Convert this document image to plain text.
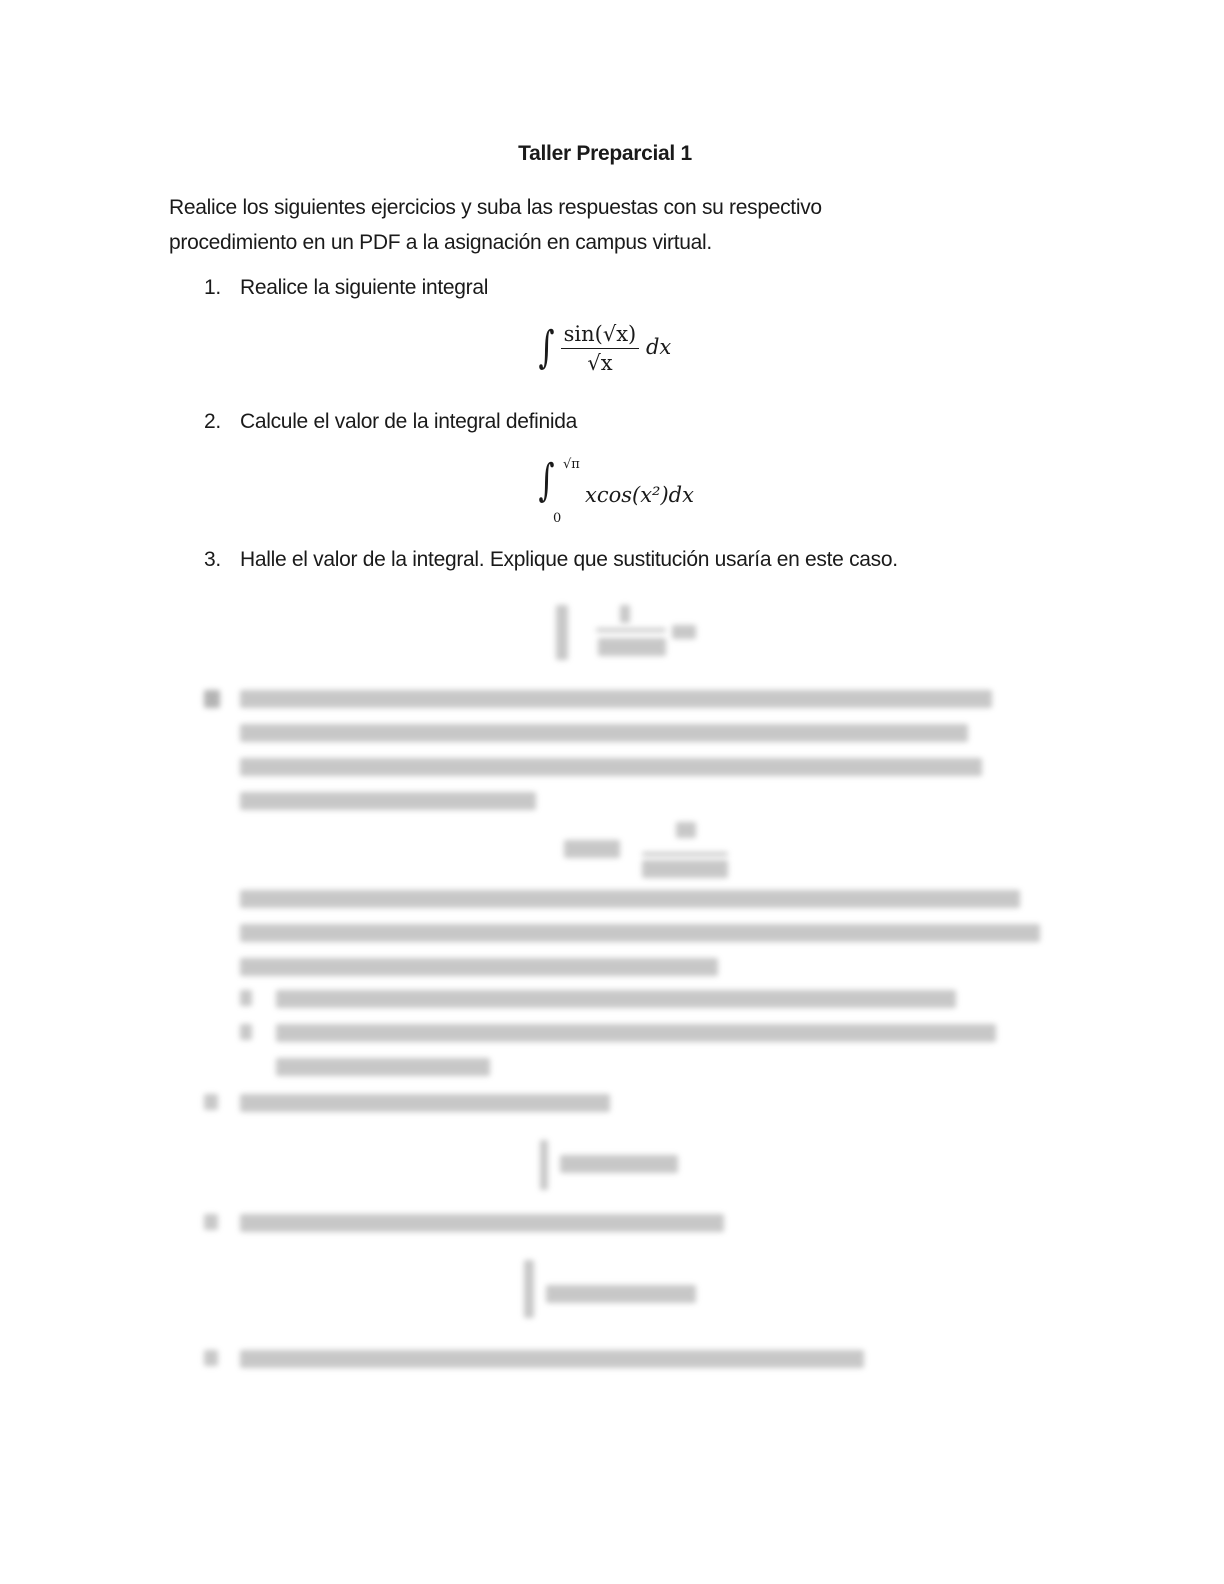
Taller Preparcial 1
Realice los siguientes ejercicios y suba las respuestas con su respectivo
procedimiento en un PDF a la asignación en campus virtual.
1. Realice la siguiente integral
∫ $\frac{\sin(√x)}{√x}$ dx
2. Calcule el valor de la integral definida
∫ √π
0
xcos(x²)dx
3. Halle el valor de la integral. Explique que sustitución usaría en este caso.
